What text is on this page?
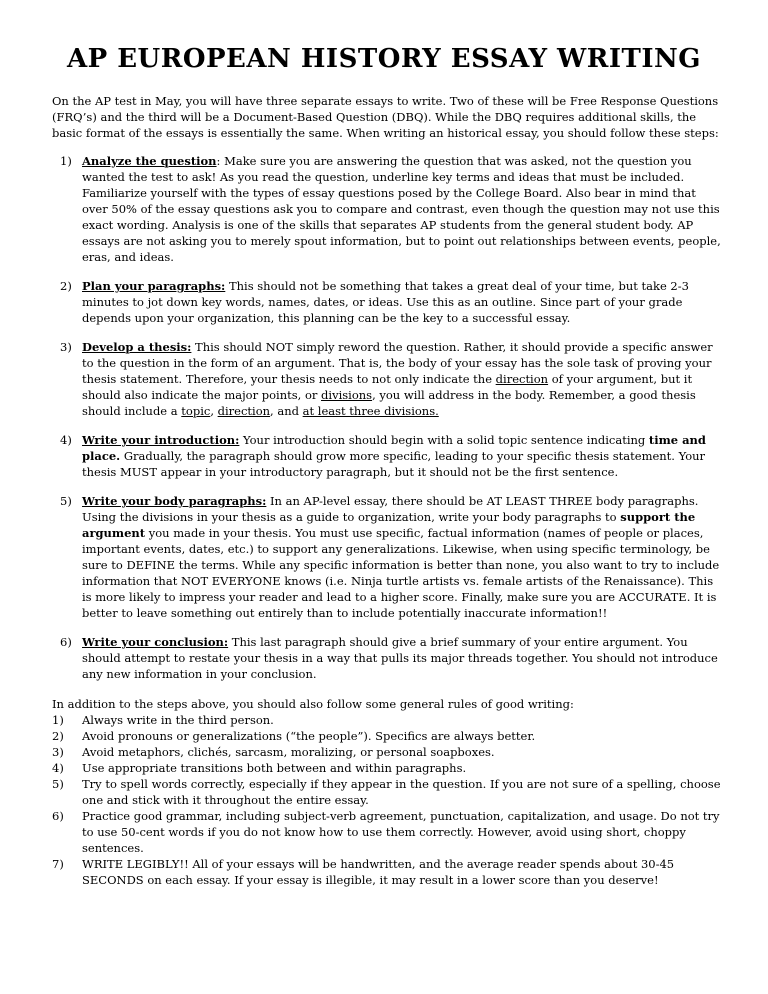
AP EUROPEAN HISTORY ESSAY WRITING

On the AP test in May, you will have three separate essays to write. Two of these will be Free Response Questions (FRQ’s) and the third will be a Document-Based Question (DBQ). While the DBQ requires additional skills, the basic format of the essays is essentially the same. When writing an historical essay, you should follow these steps:

1) Analyze the question: Make sure you are answering the question that was asked, not the question you wanted the test to ask! As you read the question, underline key terms and ideas that must be included. Familiarize yourself with the types of essay questions posed by the College Board. Also bear in mind that over 50% of the essay questions ask you to compare and contrast, even though the question may not use this exact wording. Analysis is one of the skills that separates AP students from the general student body. AP essays are not asking you to merely spout information, but to point out relationships between events, people, eras, and ideas.
2) Plan your paragraphs: This should not be something that takes a great deal of your time, but take 2-3 minutes to jot down key words, names, dates, or ideas. Use this as an outline. Since part of your grade depends upon your organization, this planning can be the key to a successful essay.
3) Develop a thesis: This should NOT simply reword the question. Rather, it should provide a specific answer to the question in the form of an argument. That is, the body of your essay has the sole task of proving your thesis statement. Therefore, your thesis needs to not only indicate the direction of your argument, but it should also indicate the major points, or divisions, you will address in the body. Remember, a good thesis should include a topic, direction, and at least three divisions.
4) Write your introduction: Your introduction should begin with a solid topic sentence indicating time and place. Gradually, the paragraph should grow more specific, leading to your specific thesis statement. Your thesis MUST appear in your introductory paragraph, but it should not be the first sentence.
5) Write your body paragraphs: In an AP-level essay, there should be AT LEAST THREE body paragraphs. Using the divisions in your thesis as a guide to organization, write your body paragraphs to support the argument you made in your thesis. You must use specific, factual information (names of people or places, important events, dates, etc.) to support any generalizations. Likewise, when using specific terminology, be sure to DEFINE the terms. While any specific information is better than none, you also want to try to include information that NOT EVERYONE knows (i.e. Ninja turtle artists vs. female artists of the Renaissance). This is more likely to impress your reader and lead to a higher score. Finally, make sure you are ACCURATE. It is better to leave something out entirely than to include potentially inaccurate information!!
6) Write your conclusion: This last paragraph should give a brief summary of your entire argument. You should attempt to restate your thesis in a way that pulls its major threads together. You should not introduce any new information in your conclusion.

In addition to the steps above, you should also follow some general rules of good writing:

1) Always write in the third person.
2) Avoid pronouns or generalizations (“the people”). Specifics are always better.
3) Avoid metaphors, clichés, sarcasm, moralizing, or personal soapboxes.
4) Use appropriate transitions both between and within paragraphs.
5) Try to spell words correctly, especially if they appear in the question. If you are not sure of a spelling, choose one and stick with it throughout the entire essay.
6) Practice good grammar, including subject-verb agreement, punctuation, capitalization, and usage. Do not try to use 50-cent words if you do not know how to use them correctly. However, avoid using short, choppy sentences.
7) WRITE LEGIBLY!! All of your essays will be handwritten, and the average reader spends about 30-45 SECONDS on each essay. If your essay is illegible, it may result in a lower score than you deserve!
